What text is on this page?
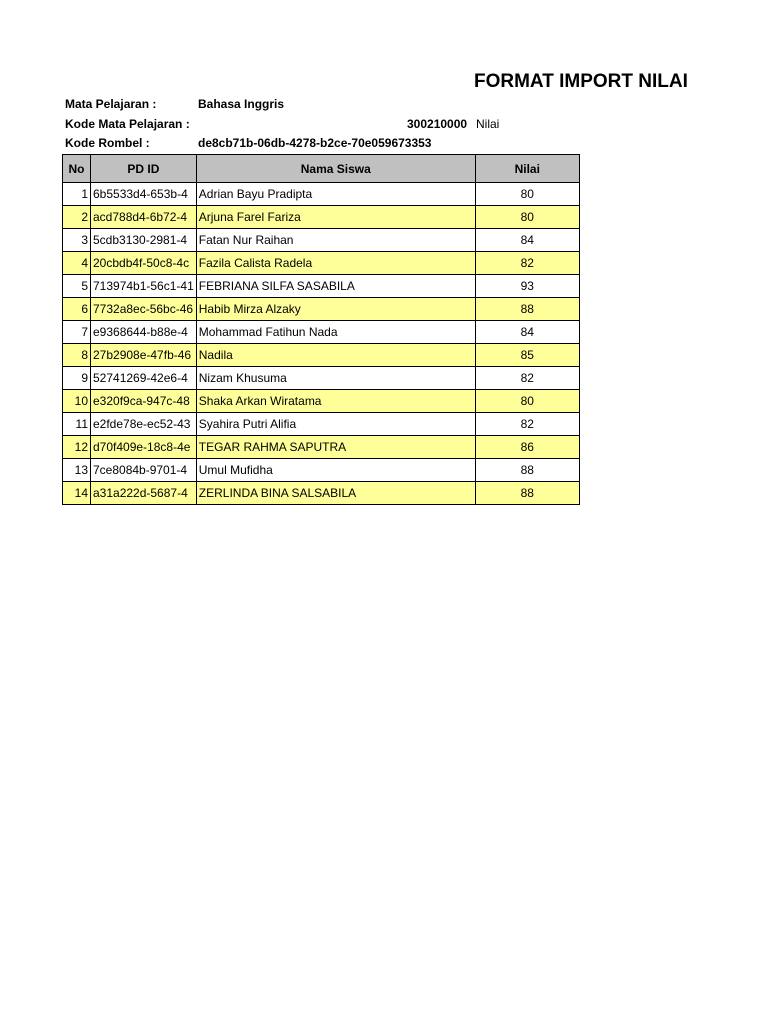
FORMAT IMPORT NILAI
Mata Pelajaran :	Bahasa Inggris
Kode Mata Pelajaran :	300210000 Nilai
Kode Rombel :	de8cb71b-06db-4278-b2ce-70e059673353
No	PD ID	Nama Siswa	Nilai
1	6b5533d4-653b-4	Adrian Bayu Pradipta	80
2	acd788d4-6b72-4	Arjuna Farel Fariza	80
3	5cdb3130-2981-4	Fatan Nur Raihan	84
4	20cbdb4f-50c8-4c	Fazila Calista Radela	82
5	713974b1-56c1-41	FEBRIANA SILFA SASABILA	93
6	7732a8ec-56bc-46	Habib Mirza Alzaky	88
7	e9368644-b88e-4	Mohammad Fatihun Nada	84
8	27b2908e-47fb-46	Nadila	85
9	52741269-42e6-4	Nizam Khusuma	82
10	e320f9ca-947c-48	Shaka Arkan Wiratama	80
11	e2fde78e-ec52-43	Syahira Putri Alifia	82
12	d70f409e-18c8-4e	TEGAR RAHMA SAPUTRA	86
13	7ce8084b-9701-4	Umul Mufidha	88
14	a31a222d-5687-4	ZERLINDA BINA SALSABILA	88
